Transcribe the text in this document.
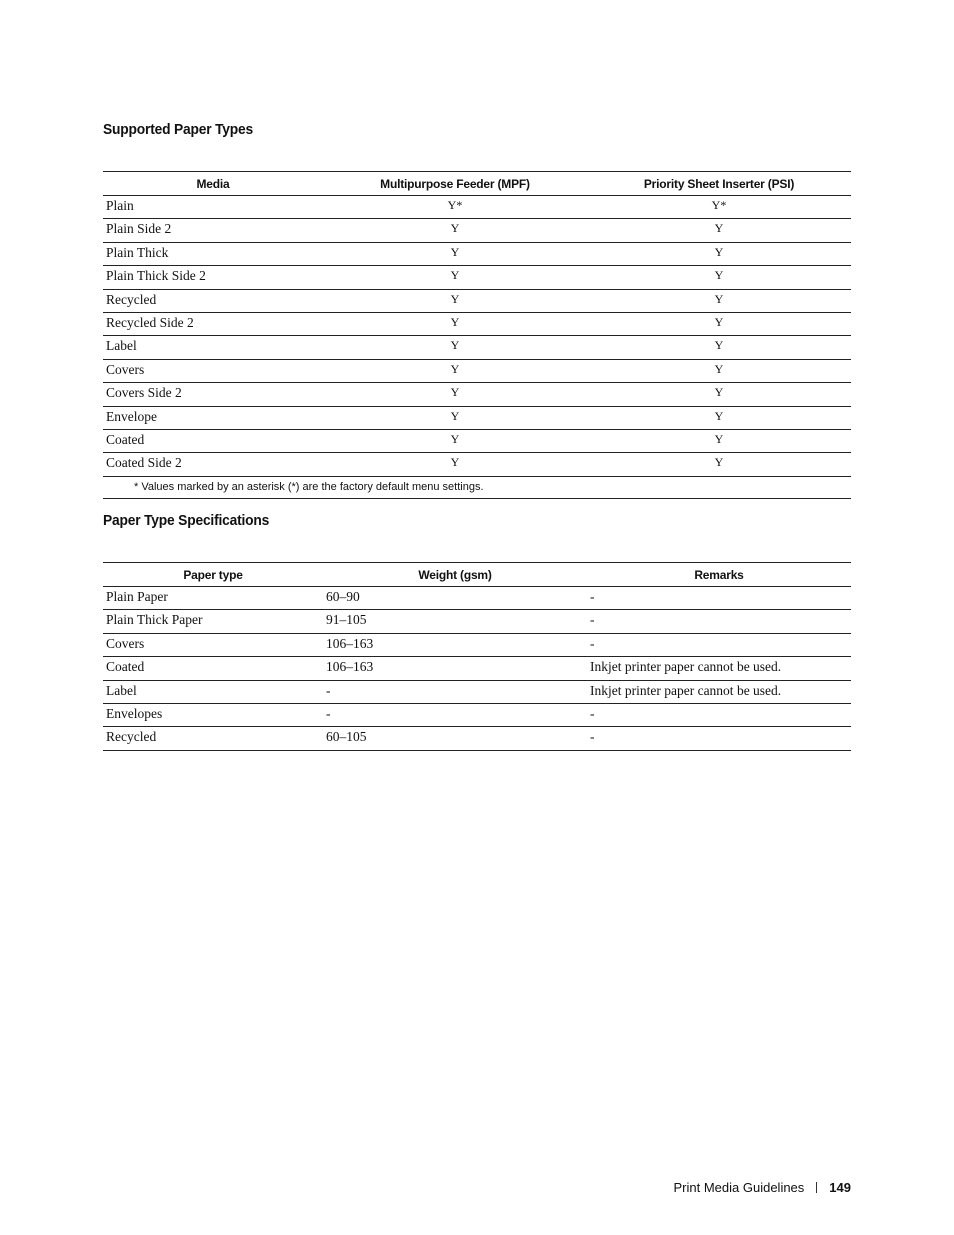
Supported Paper Types
Media	Multipurpose Feeder (MPF)	Priority Sheet Inserter (PSI)
Plain	Y*	Y*
Plain Side 2	Y	Y
Plain Thick	Y	Y
Plain Thick Side 2	Y	Y
Recycled	Y	Y
Recycled Side 2	Y	Y
Label	Y	Y
Covers	Y	Y
Covers Side 2	Y	Y
Envelope	Y	Y
Coated	Y	Y
Coated Side 2	Y	Y
* Values marked by an asterisk (*) are the factory default menu settings.		
Paper Type Specifications
Paper type	Weight (gsm)	Remarks
Plain Paper	60–90	-
Plain Thick Paper	91–105	-
Covers	106–163	-
Coated	106–163	Inkjet printer paper cannot be used.
Label	-	Inkjet printer paper cannot be used.
Envelopes	-	-
Recycled	60–105	-
Print Media Guidelines 149
